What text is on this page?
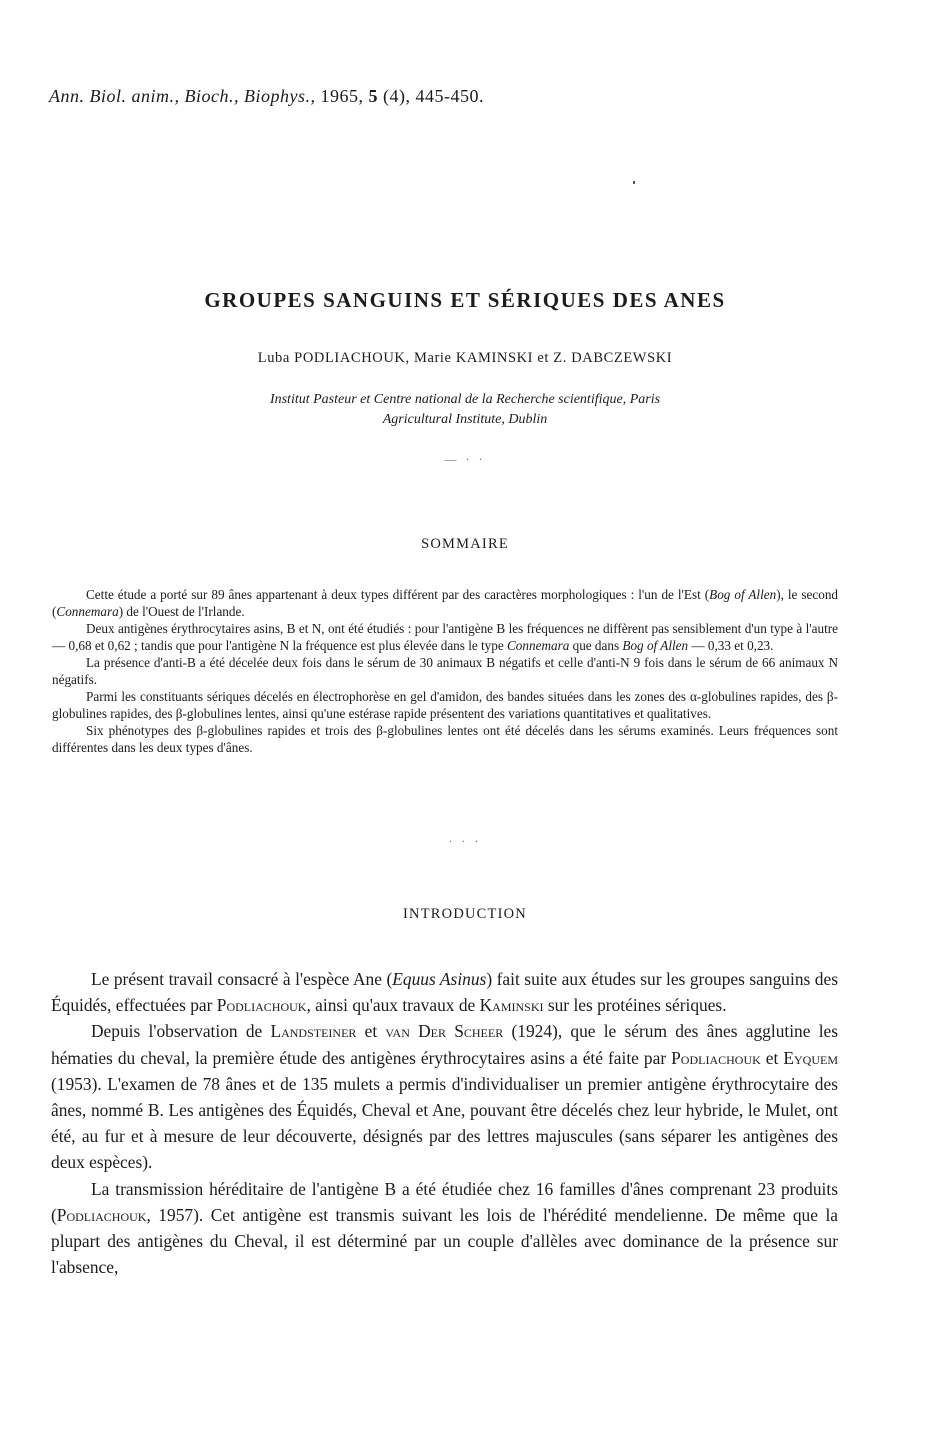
Ann. Biol. anim., Bioch., Biophys., 1965, 5 (4), 445-450.
GROUPES SANGUINS ET SÉRIQUES DES ANES
Luba PODLIACHOUK, Marie KAMINSKI et Z. DABCZEWSKI
Institut Pasteur et Centre national de la Recherche scientifique, Paris
Agricultural Institute, Dublin
— · ·
SOMMAIRE

Cette étude a porté sur 89 ânes appartenant à deux types différent par des caractères morphologiques : l'un de l'Est (Bog of Allen), le second (Connemara) de l'Ouest de l'Irlande.

Deux antigènes érythrocytaires asins, B et N, ont été étudiés : pour l'antigène B les fréquences ne diffèrent pas sensiblement d'un type à l'autre — 0,68 et 0,62 ; tandis que pour l'antigène N la fréquence est plus élevée dans le type Connemara que dans Bog of Allen — 0,33 et 0,23.

La présence d'anti-B a été décelée deux fois dans le sérum de 30 animaux B négatifs et celle d'anti-N 9 fois dans le sérum de 66 animaux N négatifs.

Parmi les constituants sériques décelés en électrophorèse en gel d'amidon, des bandes situées dans les zones des α-globulines rapides, des β-globulines rapides, des β-globulines lentes, ainsi qu'une estérase rapide présentent des variations quantitatives et qualitatives.

Six phénotypes des β-globulines rapides et trois des β-globulines lentes ont été décelés dans les sérums examinés. Leurs fréquences sont différentes dans les deux types d'ânes.

· · ·
INTRODUCTION

Le présent travail consacré à l'espèce Ane (Equus Asinus) fait suite aux études sur les groupes sanguins des Équidés, effectuées par Podliachouk, ainsi qu'aux travaux de Kaminski sur les protéines sériques.

Depuis l'observation de Landsteiner et van Der Scheer (1924), que le sérum des ânes agglutine les hématies du cheval, la première étude des antigènes érythrocytaires asins a été faite par Podliachouk et Eyquem (1953). L'examen de 78 ânes et de 135 mulets a permis d'individualiser un premier antigène érythrocytaire des ânes, nommé B. Les antigènes des Équidés, Cheval et Ane, pouvant être décelés chez leur hybride, le Mulet, ont été, au fur et à mesure de leur découverte, désignés par des lettres majuscules (sans séparer les antigènes des deux espèces).

La transmission héréditaire de l'antigène B a été étudiée chez 16 familles d'ânes comprenant 23 produits (Podliachouk, 1957). Cet antigène est transmis suivant les lois de l'hérédité mendelienne. De même que la plupart des antigènes du Cheval, il est déterminé par un couple d'allèles avec dominance de la présence sur l'absence,
